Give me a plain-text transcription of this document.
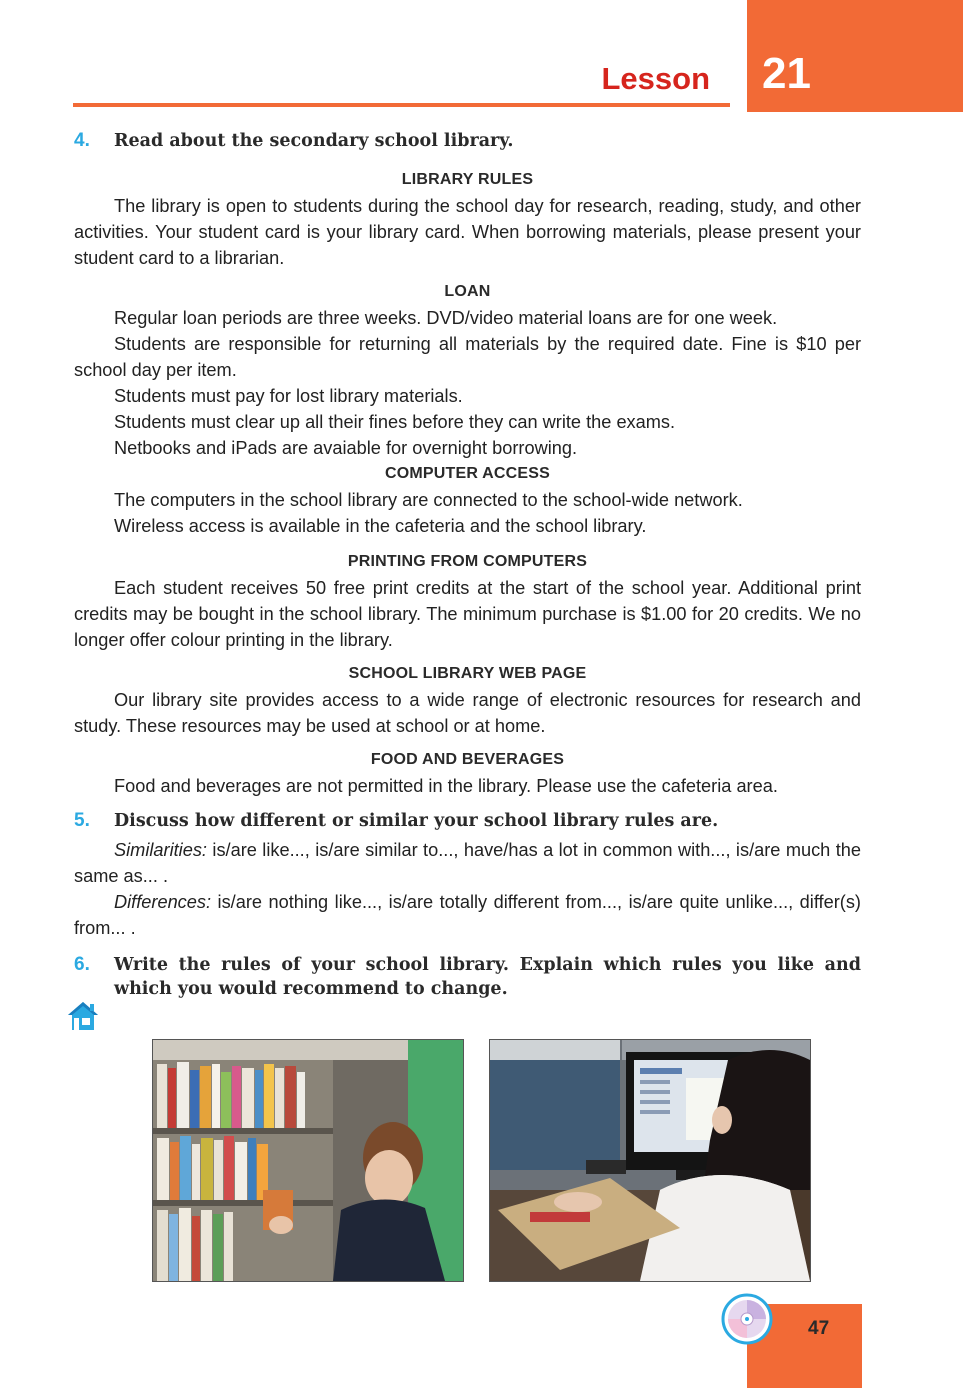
21
Lesson
4.	Read about the secondary school library.
LIBRARY RULES

The library is open to students during the school day for research, reading, study, and other activities. Your student card is your library card. When borrowing materials, please present your student card to a librarian.

LOAN

Regular loan periods are three weeks. DVD/video material loans are for one week.

Students are responsible for returning all materials by the required date. Fine is $10 per school day per item.

Students must pay for lost library materials.

Students must clear up all their fines before they can write the exams.

Netbooks and iPads are avaiable for overnight borrowing.

COMPUTER ACCESS

The computers in the school library are connected to the school-wide network.

Wireless access is available in the cafeteria and the school library.

PRINTING FROM COMPUTERS

Each student receives 50 free print credits at the start of the school year. Additional print credits may be bought in the school library. The minimum purchase is $1.00 for 20 credits. We no longer offer colour printing in the library.

SCHOOL LIBRARY WEB PAGE

Our library site provides access to a wide range of electronic resources for research and study. These resources may be used at school or at home.

FOOD AND BEVERAGES

Food and beverages are not permitted in the library. Please use the cafeteria area.

5.	Discuss how different or similar your school library rules are.

Similarities: is/are like..., is/are similar to..., have/has a lot in common with..., is/are much the same as... .

Differences: is/are nothing like..., is/are totally different from..., is/are quite unlike..., differ(s) from... .

6.	Write the rules of your school library. Explain which rules you like and which you would recommend to change.
47
